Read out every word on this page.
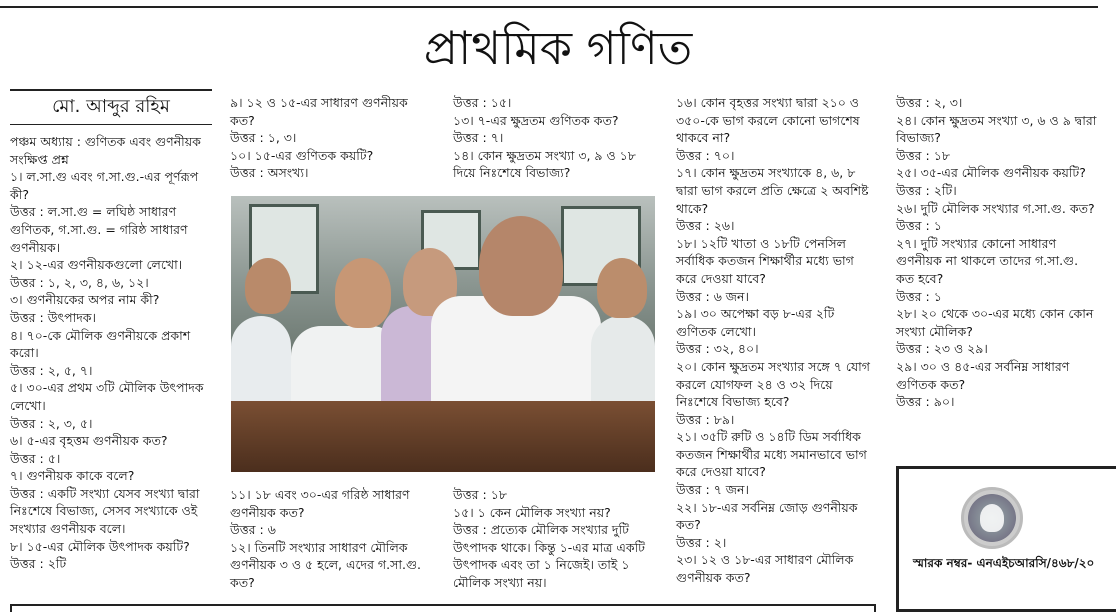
প্রাথমিক গণিত
মো. আব্দুর রহিম

পঞ্চম অধ্যায় : গুণিতক এবং গুণনীয়ক সংক্ষিপ্ত প্রশ্ন

১। ল.সা.গু এবং গ.সা.গু.-এর পূর্ণরূপ কী?

উত্তর : ল.সা.গু = লঘিষ্ঠ সাধারণ গুণিতক, গ.সা.গু. = গরিষ্ঠ সাধারণ গুণনীয়ক।

২। ১২-এর গুণনীয়কগুলো লেখো।

উত্তর : ১, ২, ৩, ৪, ৬, ১২।

৩। গুণনীয়কের অপর নাম কী?

উত্তর : উৎপাদক।

৪। ৭০-কে মৌলিক গুণনীয়কে প্রকাশ করো।

উত্তর : ২, ৫, ৭।

৫। ৩০-এর প্রথম ৩টি মৌলিক উৎপাদক লেখো।

উত্তর : ২, ৩, ৫।

৬। ৫-এর বৃহত্তম গুণনীয়ক কত?

উত্তর : ৫।

৭। গুণনীয়ক কাকে বলে?

উত্তর : একটি সংখ্যা যেসব সংখ্যা দ্বারা নিঃশেষে বিভাজ্য, সেসব সংখ্যাকে ওই সংখ্যার গুণনীয়ক বলে।

৮। ১৫-এর মৌলিক উৎপাদক কয়টি?

উত্তর : ২টি

৯। ১২ ও ১৫-এর সাধারণ গুণনীয়ক কত?

উত্তর : ১, ৩।

১০। ১৫-এর গুণিতক কয়টি?

উত্তর : অসংখ্য।

উত্তর : ১৫।

১৩। ৭-এর ক্ষুদ্রতম গুণিতক কত?

উত্তর : ৭।

১৪। কোন ক্ষুদ্রতম সংখ্যা ৩, ৯ ও ১৮ দিয়ে নিঃশেষে বিভাজ্য?

১৬। কোন বৃহত্তর সংখ্যা দ্বারা ২১০ ও ৩৫০-কে ভাগ করলে কোনো ভাগশেষ থাকবে না?

উত্তর : ৭০।

১৭। কোন ক্ষুদ্রতম সংখ্যাকে ৪, ৬, ৮ দ্বারা ভাগ করলে প্রতি ক্ষেত্রে ২ অবশিষ্ট থাকে?

উত্তর : ২৬।

১৮। ১২টি খাতা ও ১৮টি পেনসিল সর্বাধিক কতজন শিক্ষার্থীর মধ্যে ভাগ করে দেওয়া যাবে?

উত্তর : ৬ জন।

১৯। ৩০ অপেক্ষা বড় ৮-এর ২টি গুণিতক লেখো।

উত্তর : ৩২, ৪০।

২০। কোন ক্ষুদ্রতম সংখ্যার সঙ্গে ৭ যোগ করলে যোগফল ২৪ ও ৩২ দিয়ে নিঃশেষে বিভাজ্য হবে?

উত্তর : ৮৯।

২১। ৩৫টি রুটি ও ১৪টি ডিম সর্বাধিক কতজন শিক্ষার্থীর মধ্যে সমানভাবে ভাগ করে দেওয়া যাবে?

উত্তর : ৭ জন।

২২। ১৮-এর সর্বনিম্ন জোড় গুণনীয়ক কত?

উত্তর : ২।

২৩। ১২ ও ১৮-এর সাধারণ মৌলিক গুণনীয়ক কত?

উত্তর : ২, ৩।

২৪। কোন ক্ষুদ্রতম সংখ্যা ৩, ৬ ও ৯ দ্বারা বিভাজ্য?

উত্তর : ১৮

২৫। ৩৫-এর মৌলিক গুণনীয়ক কয়টি?

উত্তর : ২টি।

২৬। দুটি মৌলিক সংখ্যার গ.সা.গু. কত?

উত্তর : ১

২৭। দুটি সংখ্যার কোনো সাধারণ গুণনীয়ক না থাকলে তাদের গ.সা.গু. কত হবে?

উত্তর : ১

২৮। ২০ থেকে ৩০-এর মধ্যে কোন কোন সংখ্যা মৌলিক?

উত্তর : ২৩ ও ২৯।

২৯। ৩০ ও ৪৫-এর সর্বনিম্ন সাধারণ গুণিতক কত?

উত্তর : ৯০।

১১। ১৮ এবং ৩০-এর গরিষ্ঠ সাধারণ গুণনীয়ক কত?

উত্তর : ৬

১২। তিনটি সংখ্যার সাধারণ মৌলিক গুণনীয়ক ৩ ও ৫ হলে, এদের গ.সা.গু. কত?

উত্তর : ১৮

১৫। ১ কেন মৌলিক সংখ্যা নয়?

উত্তর : প্রত্যেক মৌলিক সংখ্যার দুটি উৎপাদক থাকে। কিন্তু ১-এর মাত্র একটি উৎপাদক এবং তা ১ নিজেই। তাই ১ মৌলিক সংখ্যা নয়।

স্মারক নম্বর- এনএইচআরসি/৪৬৮/২০
